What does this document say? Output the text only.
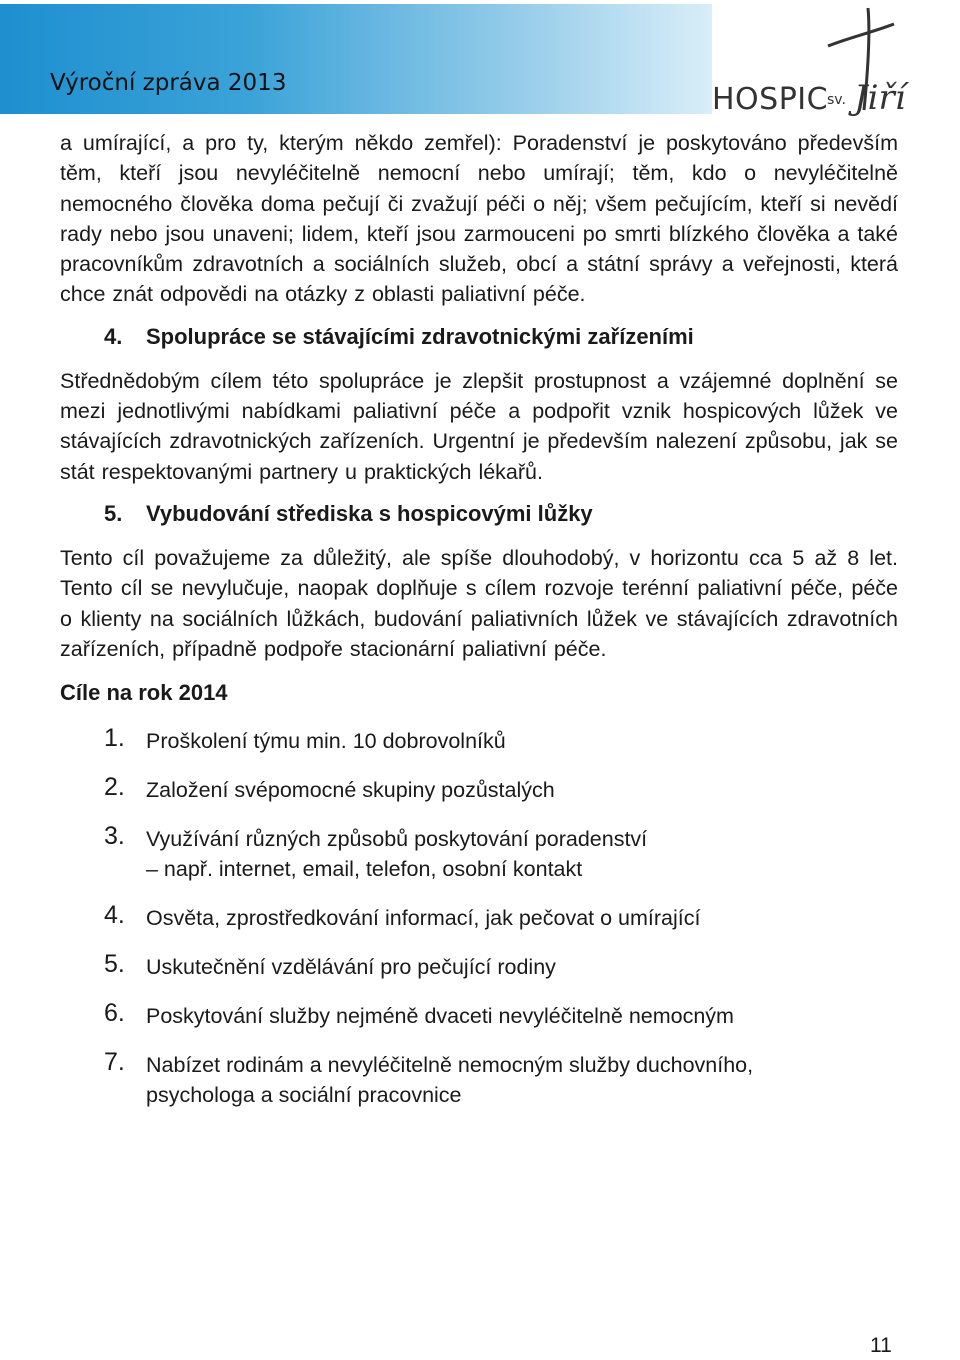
Výroční zpráva 2013	HOSPIC
sv. Jiří

a umírající, a pro ty, kterým někdo zemřel): Poradenství je poskytováno především těm, kteří jsou nevyléčitelně nemocní nebo umírají; těm, kdo o nevyléčitelně nemocného člověka doma pečují či zvažují péči o něj; všem pečujícím, kteří si nevědí rady nebo jsou unaveni; lidem, kteří jsou zarmouceni po smrti blízkého člověka a také pracovníkům zdravotních a sociálních služeb, obcí a státní správy a veřejnosti, která chce znát odpovědi na otázky z oblasti paliativní péče.

4. Spolupráce se stávajícími zdravotnickými zařízeními

Střednědobým cílem této spolupráce je zlepšit prostupnost a vzájemné doplnění se mezi jednotlivými nabídkami paliativní péče a podpořit vznik hospicových lůžek ve stávajících zdravotnických zařízeních. Urgentní je především nalezení způsobu, jak se stát respektovanými partnery u praktických lékařů.

5. Vybudování střediska s hospicovými lůžky

Tento cíl považujeme za důležitý, ale spíše dlouhodobý, v horizontu cca 5 až 8 let. Tento cíl se nevylučuje, naopak doplňuje s cílem rozvoje terénní paliativní péče, péče o klienty na sociálních lůžkách, budování paliativních lůžek ve stávajících zdravotních zařízeních, případně podpoře stacionární paliativní péče.

Cíle na rok 2014

1. Proškolení týmu min. 10 dobrovolníků
2. Založení svépomocné skupiny pozůstalých
3. Využívání různých způsobů poskytování poradenství
– např. internet, email, telefon, osobní kontakt
4. Osvěta, zprostředkování informací, jak pečovat o umírající
5. Uskutečnění vzdělávání pro pečující rodiny
6. Poskytování služby nejméně dvaceti nevyléčitelně nemocným
7. Nabízet rodinám a nevyléčitelně nemocným služby duchovního,
psychologa a sociální pracovnice
11
